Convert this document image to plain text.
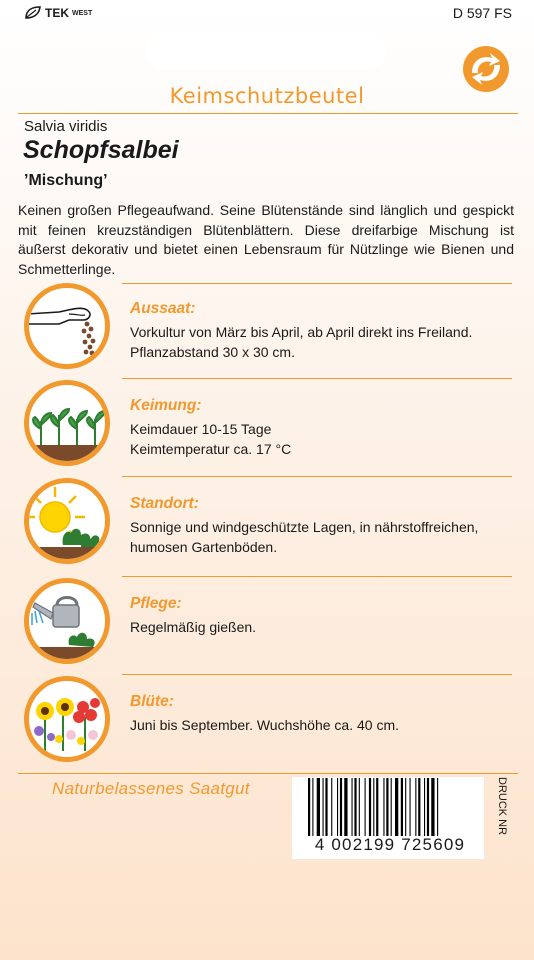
TEK WEST	D 597 FS
Keimschutzbeutel
Salvia viridis
Schopfsalbei
’Mischung’
Keinen großen Pflegeaufwand. Seine Blütenstände sind länglich und gespickt mit feinen kreuzständigen Blütenblättern. Diese dreifarbige Mischung ist äußerst dekorativ und bietet einen Lebensraum für Nützlinge wie Bienen und Schmetterlinge.
Aussaat:
Vorkultur von März bis April, ab April direkt ins Freiland. Pflanzabstand 30 x 30 cm.
Keimung:
Keimdauer 10-15 Tage
Keimtemperatur ca. 17 °C
Standort:
Sonnige und windgeschützte Lagen, in nährstoffreichen, humosen Gartenböden.
Pflege:
Regelmäßig gießen.
Blüte:
Juni bis September. Wuchshöhe ca. 40 cm.
Naturbelassenes Saatgut
4 002199 725609
DRUCK NR
